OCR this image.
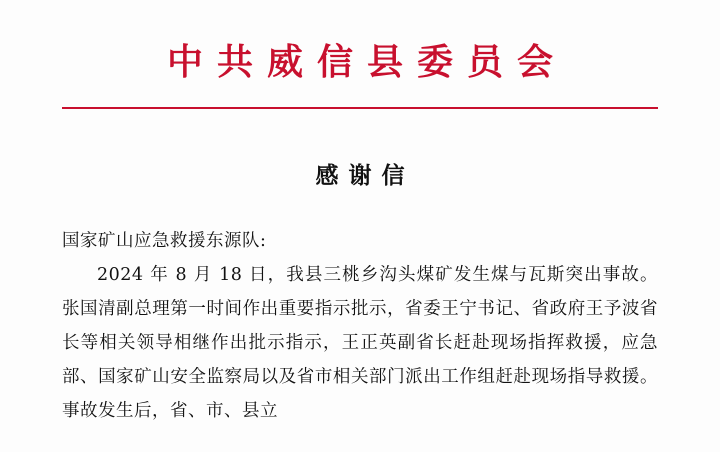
中共威信县委员会
感谢信

国家矿山应急救援东源队:

2024 年 8 月 18 日，我县三桃乡沟头煤矿发生煤与瓦斯突出事故。张国清副总理第一时间作出重要指示批示，省委王宁书记、省政府王予波省长等相关领导相继作出批示指示，王正英副省长赶赴现场指挥救援，应急部、国家矿山安全监察局以及省市相关部门派出工作组赶赴现场指导救援。事故发生后，省、市、县立
